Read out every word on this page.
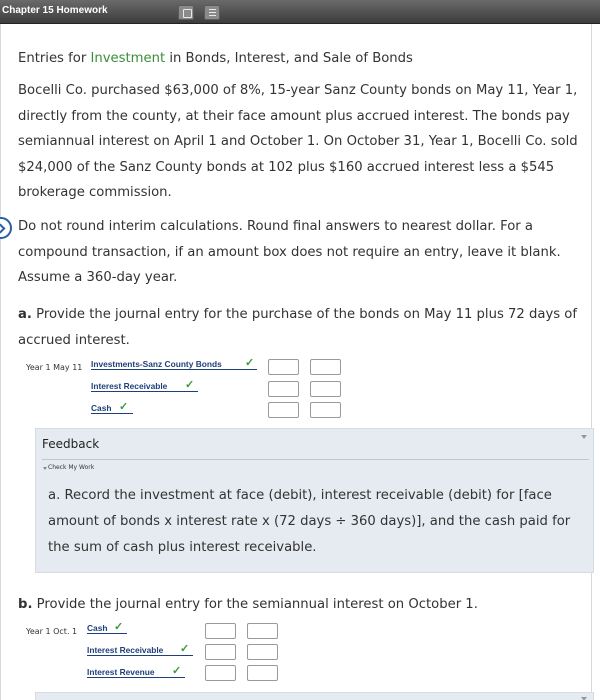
Chapter 15 Homework
Entries for Investment in Bonds, Interest, and Sale of Bonds
Bocelli Co. purchased $63,000 of 8%, 15-year Sanz County bonds on May 11, Year 1, directly from the county, at their face amount plus accrued interest. The bonds pay semiannual interest on April 1 and October 1. On October 31, Year 1, Bocelli Co. sold $24,000 of the Sanz County bonds at 102 plus $160 accrued interest less a $545 brokerage commission.
Do not round interim calculations. Round final answers to nearest dollar. For a compound transaction, if an amount box does not require an entry, leave it blank. Assume a 360-day year.
a. Provide the journal entry for the purchase of the bonds on May 11 plus 72 days of accrued interest.
Year 1 May 11 Investments-Sanz County Bonds ✓
Interest Receivable ✓
Cash ✓
Feedback
Check My Work
a. Record the investment at face (debit), interest receivable (debit) for [face amount of bonds x interest rate x (72 days ÷ 360 days)], and the cash paid for the sum of cash plus interest receivable.
b. Provide the journal entry for the semiannual interest on October 1.
Year 1 Oct. 1 Cash ✓
Interest Receivable ✓
Interest Revenue ✓
